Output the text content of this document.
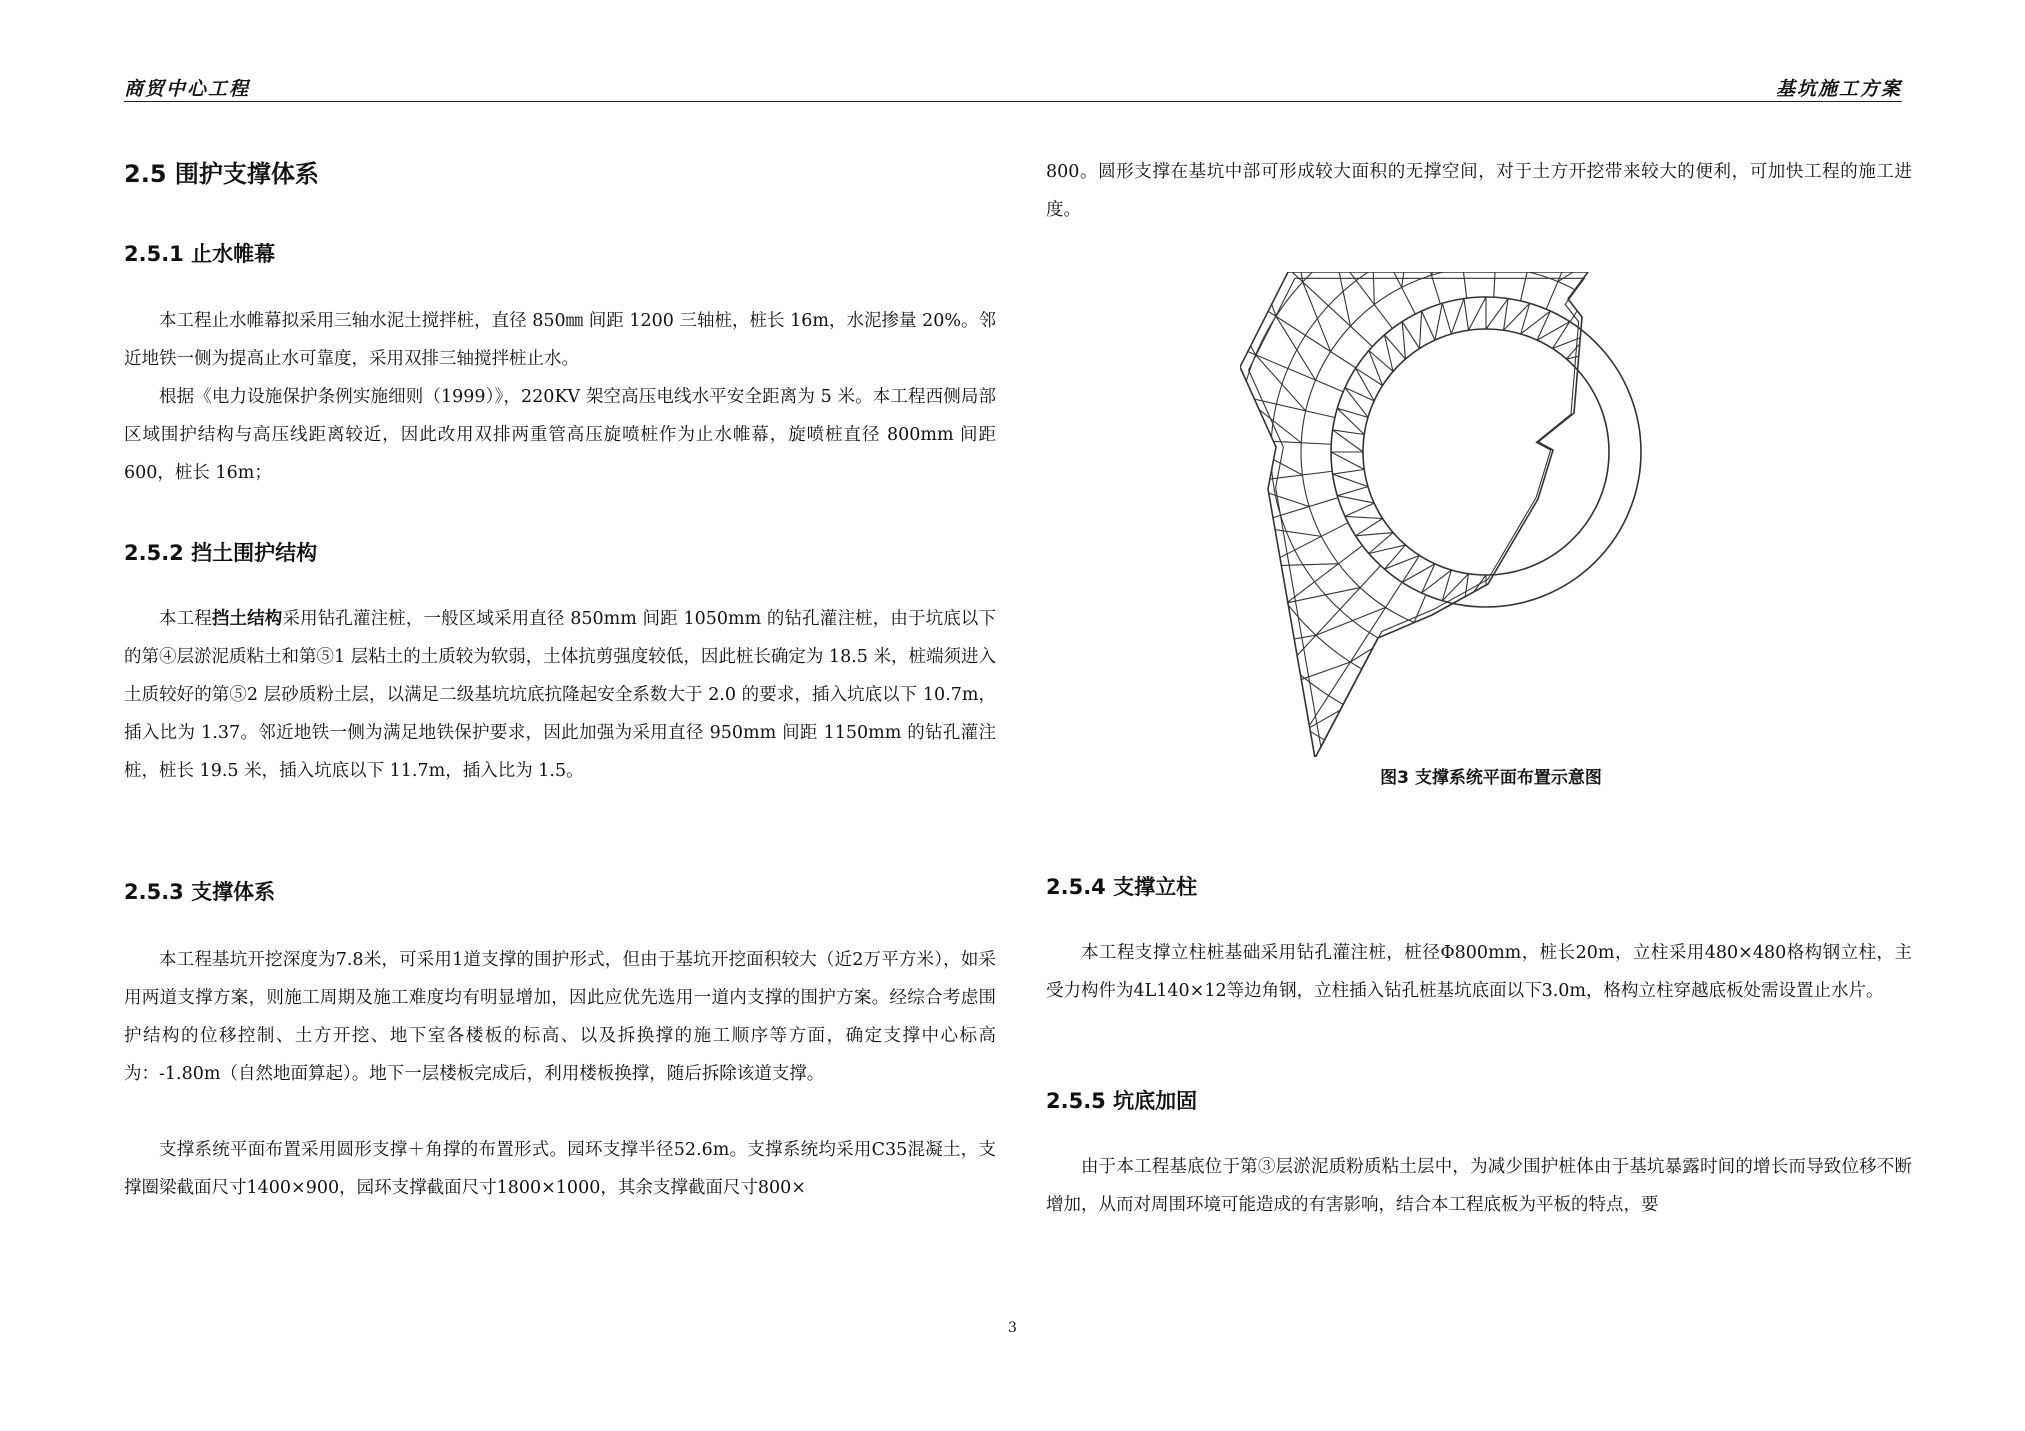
商贸中心工程	基坑施工方案
2.5 围护支撑体系
2.5.1 止水帷幕
本工程止水帷幕拟采用三轴水泥土搅拌桩，直径 850㎜ 间距 1200 三轴桩，桩长 16m，水泥掺量 20%。邻近地铁一侧为提高止水可靠度，采用双排三轴搅拌桩止水。
根据《电力设施保护条例实施细则（1999）》，220KV 架空高压电线水平安全距离为 5 米。本工程西侧局部区域围护结构与高压线距离较近，因此改用双排两重管高压旋喷桩作为止水帷幕，旋喷桩直径 800mm 间距 600，桩长 16m；
2.5.2 挡土围护结构
本工程挡土结构采用钻孔灌注桩，一般区域采用直径 850mm 间距 1050mm 的钻孔灌注桩，由于坑底以下的第④层淤泥质粘土和第⑤1 层粘土的土质较为软弱，土体抗剪强度较低，因此桩长确定为 18.5 米，桩端须进入土质较好的第⑤2 层砂质粉土层，以满足二级基坑坑底抗隆起安全系数大于 2.0 的要求，插入坑底以下 10.7m，插入比为 1.37。邻近地铁一侧为满足地铁保护要求，因此加强为采用直径 950mm 间距 1150mm 的钻孔灌注桩，桩长 19.5 米，插入坑底以下 11.7m，插入比为 1.5。
2.5.3 支撑体系
本工程基坑开挖深度为7.8米，可采用1道支撑的围护形式，但由于基坑开挖面积较大（近2万平方米），如采用两道支撑方案，则施工周期及施工难度均有明显增加，因此应优先选用一道内支撑的围护方案。经综合考虑围护结构的位移控制、土方开挖、地下室各楼板的标高、以及拆换撑的施工顺序等方面，确定支撑中心标高为：-1.80m（自然地面算起）。地下一层楼板完成后，利用楼板换撑，随后拆除该道支撑。
支撑系统平面布置采用圆形支撑＋角撑的布置形式。园环支撑半径52.6m。支撑系统均采用C35混凝土，支撑圈梁截面尺寸1400×900，园环支撑截面尺寸1800×1000，其余支撑截面尺寸800×
800。圆形支撑在基坑中部可形成较大面积的无撑空间，对于土方开挖带来较大的便利，可加快工程的施工进度。
图3 支撑系统平面布置示意图
2.5.4 支撑立柱
本工程支撑立柱桩基础采用钻孔灌注桩，桩径Φ800mm，桩长20m，立柱采用480×480格构钢立柱，主受力构件为4L140×12等边角钢，立柱插入钻孔桩基坑底面以下3.0m，格构立柱穿越底板处需设置止水片。
2.5.5 坑底加固
由于本工程基底位于第③层淤泥质粉质粘土层中，为减少围护桩体由于基坑暴露时间的增长而导致位移不断增加，从而对周围环境可能造成的有害影响，结合本工程底板为平板的特点，要
3
